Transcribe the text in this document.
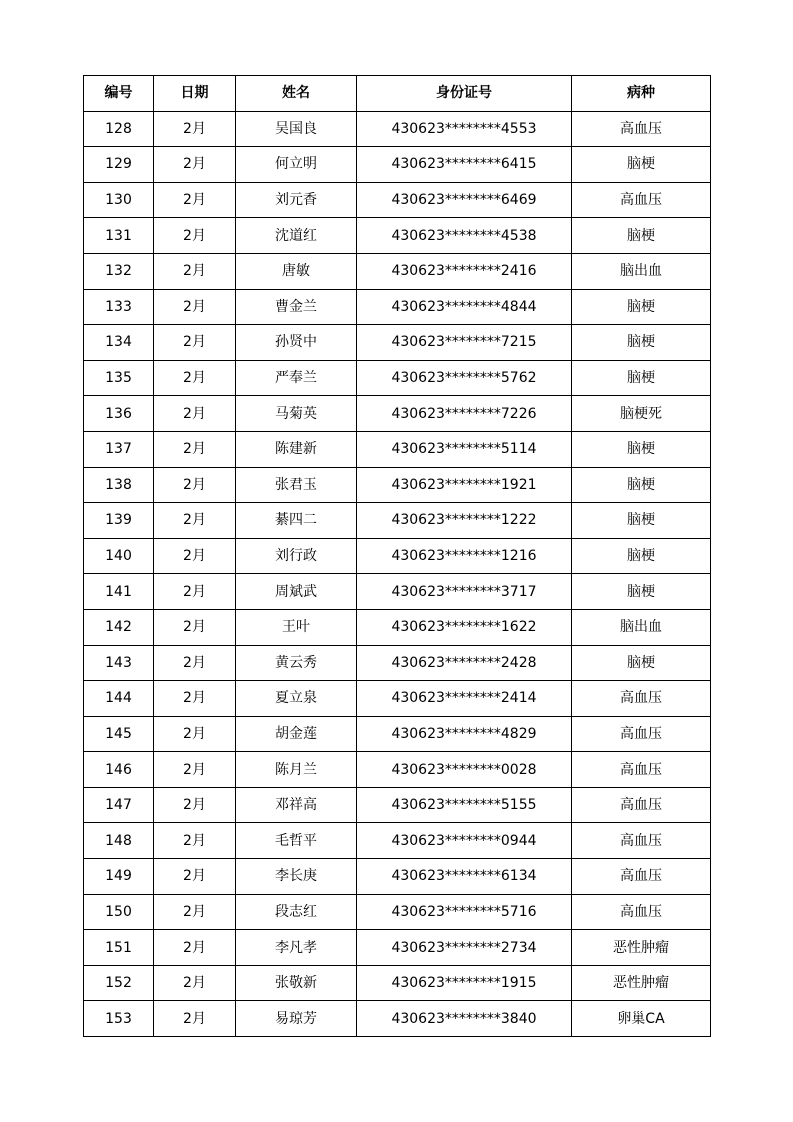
编号	日期	姓名	身份证号	病种
128	2月	吴国良	430623********4553	高血压
129	2月	何立明	430623********6415	脑梗
130	2月	刘元香	430623********6469	高血压
131	2月	沈道红	430623********4538	脑梗
132	2月	唐敏	430623********2416	脑出血
133	2月	曹金兰	430623********4844	脑梗
134	2月	孙贤中	430623********7215	脑梗
135	2月	严奉兰	430623********5762	脑梗
136	2月	马菊英	430623********7226	脑梗死
137	2月	陈建新	430623********5114	脑梗
138	2月	张君玉	430623********1921	脑梗
139	2月	綦四二	430623********1222	脑梗
140	2月	刘行政	430623********1216	脑梗
141	2月	周斌武	430623********3717	脑梗
142	2月	王叶	430623********1622	脑出血
143	2月	黄云秀	430623********2428	脑梗
144	2月	夏立泉	430623********2414	高血压
145	2月	胡金莲	430623********4829	高血压
146	2月	陈月兰	430623********0028	高血压
147	2月	邓祥高	430623********5155	高血压
148	2月	毛哲平	430623********0944	高血压
149	2月	李长庚	430623********6134	高血压
150	2月	段志红	430623********5716	高血压
151	2月	李凡孝	430623********2734	恶性肿瘤
152	2月	张敬新	430623********1915	恶性肿瘤
153	2月	易琼芳	430623********3840	卵巢CA
